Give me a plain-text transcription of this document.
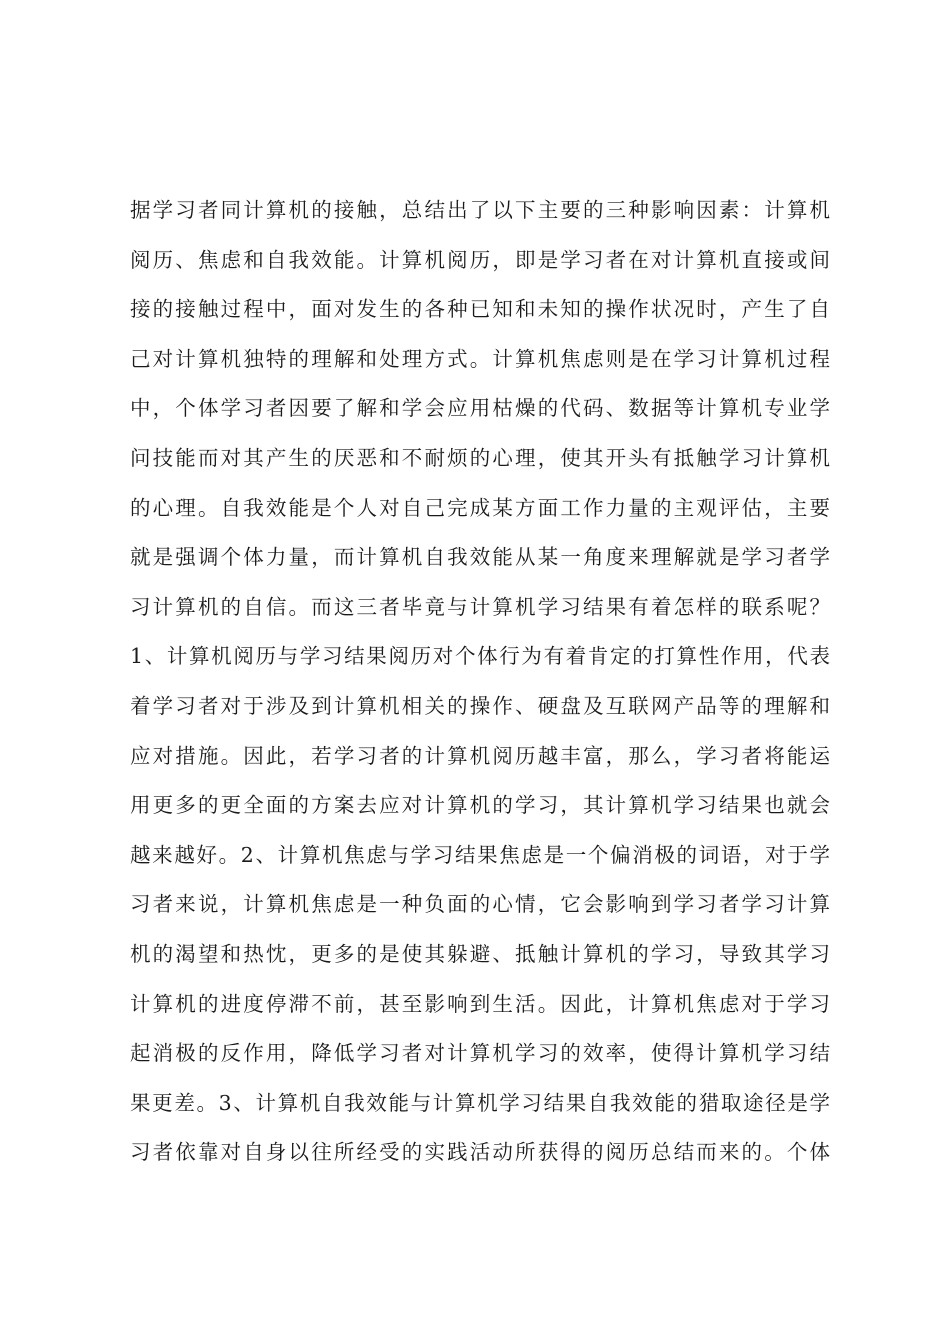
据学习者同计算机的接触，总结出了以下主要的三种影响因素：计算机
阅历、焦虑和自我效能。计算机阅历，即是学习者在对计算机直接或间
接的接触过程中，面对发生的各种已知和未知的操作状况时，产生了自
己对计算机独特的理解和处理方式。计算机焦虑则是在学习计算机过程
中，个体学习者因要了解和学会应用枯燥的代码、数据等计算机专业学
问技能而对其产生的厌恶和不耐烦的心理，使其开头有抵触学习计算机
的心理。自我效能是个人对自己完成某方面工作力量的主观评估，主要
就是强调个体力量，而计算机自我效能从某一角度来理解就是学习者学
习计算机的自信。而这三者毕竟与计算机学习结果有着怎样的联系呢？
1、计算机阅历与学习结果阅历对个体行为有着肯定的打算性作用，代表
着学习者对于涉及到计算机相关的操作、硬盘及互联网产品等的理解和
应对措施。因此，若学习者的计算机阅历越丰富，那么，学习者将能运
用更多的更全面的方案去应对计算机的学习，其计算机学习结果也就会
越来越好。2、计算机焦虑与学习结果焦虑是一个偏消极的词语，对于学
习者来说，计算机焦虑是一种负面的心情，它会影响到学习者学习计算
机的渴望和热忱，更多的是使其躲避、抵触计算机的学习，导致其学习
计算机的进度停滞不前，甚至影响到生活。因此，计算机焦虑对于学习
起消极的反作用，降低学习者对计算机学习的效率，使得计算机学习结
果更差。3、计算机自我效能与计算机学习结果自我效能的猎取途径是学
习者依靠对自身以往所经受的实践活动所获得的阅历总结而来的。个体
